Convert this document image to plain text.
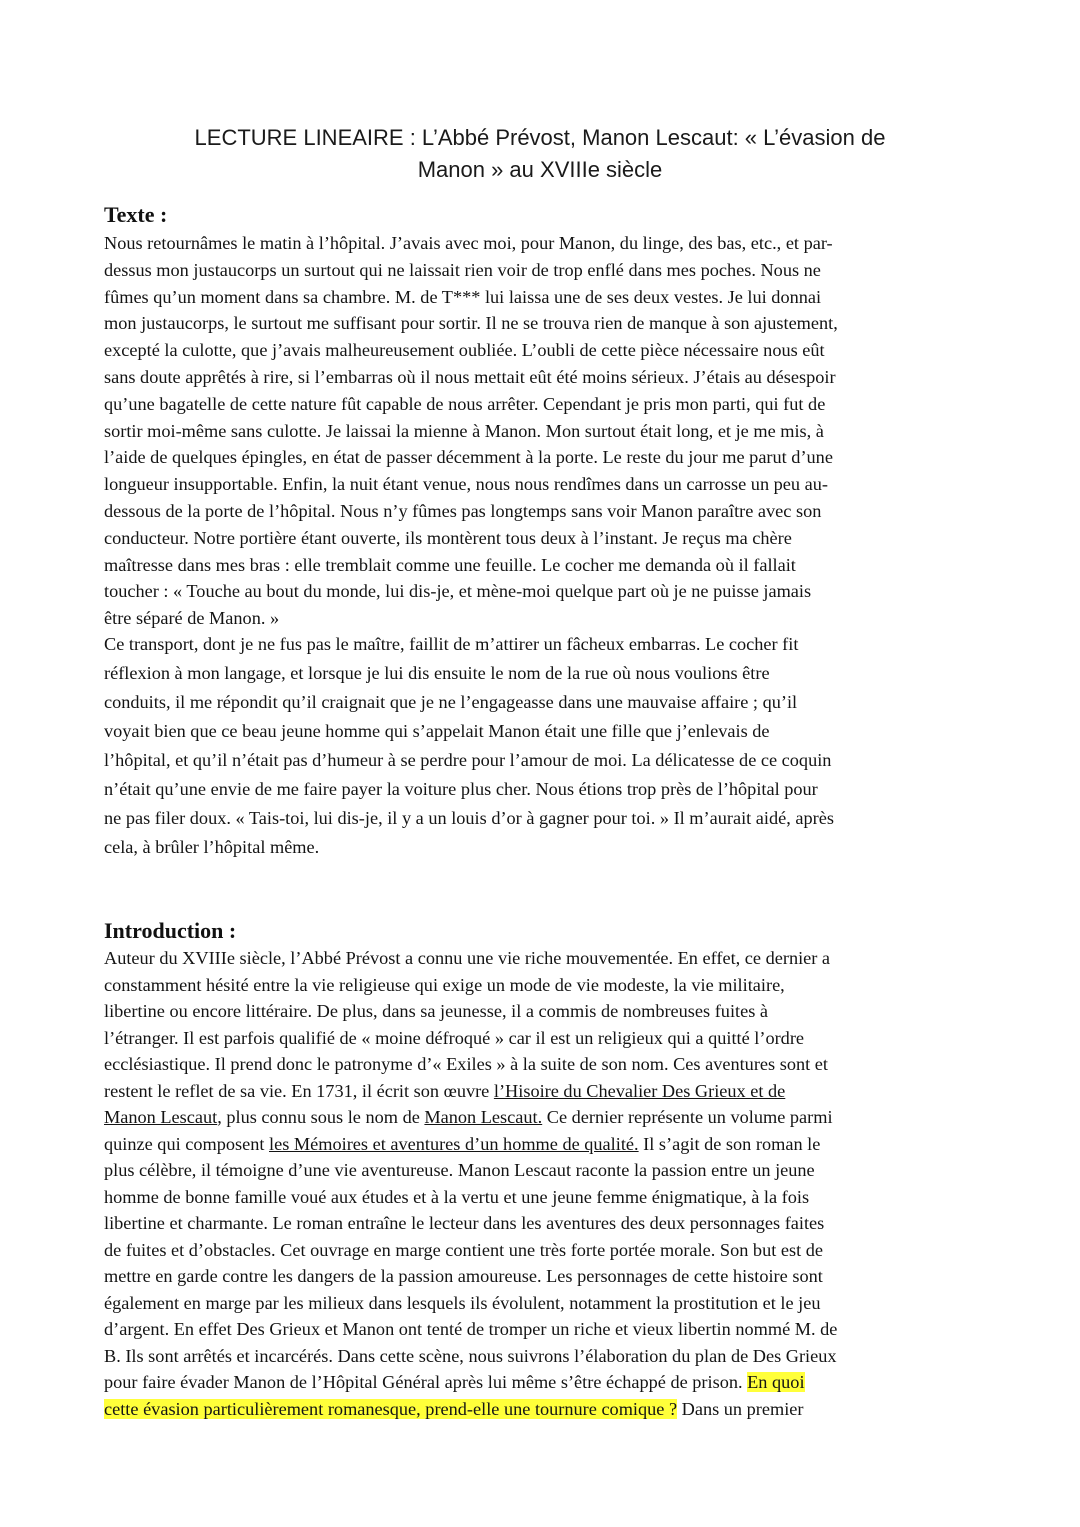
LECTURE LINEAIRE : L’Abbé Prévost, Manon Lescaut: « L’évasion de
Manon » au XVIIIe siècle
Texte :

Nous retournâmes le matin à l’hôpital. J’avais avec moi, pour Manon, du linge, des bas, etc., et par-
dessus mon justaucorps un surtout qui ne laissait rien voir de trop enflé dans mes poches. Nous ne
fûmes qu’un moment dans sa chambre. M. de T*** lui laissa une de ses deux vestes. Je lui donnai
mon justaucorps, le surtout me suffisant pour sortir. Il ne se trouva rien de manque à son ajustement,
excepté la culotte, que j’avais malheureusement oubliée. L’oubli de cette pièce nécessaire nous eût
sans doute apprêtés à rire, si l’embarras où il nous mettait eût été moins sérieux. J’étais au désespoir
qu’une bagatelle de cette nature fût capable de nous arrêter. Cependant je pris mon parti, qui fut de
sortir moi-même sans culotte. Je laissai la mienne à Manon. Mon surtout était long, et je me mis, à
l’aide de quelques épingles, en état de passer décemment à la porte. Le reste du jour me parut d’une
longueur insupportable. Enfin, la nuit étant venue, nous nous rendîmes dans un carrosse un peu au-
dessous de la porte de l’hôpital. Nous n’y fûmes pas longtemps sans voir Manon paraître avec son
conducteur. Notre portière étant ouverte, ils montèrent tous deux à l’instant. Je reçus ma chère
maîtresse dans mes bras : elle tremblait comme une feuille. Le cocher me demanda où il fallait
toucher : « Touche au bout du monde, lui dis-je, et mène-moi quelque part où je ne puisse jamais
être séparé de Manon. »

Ce transport, dont je ne fus pas le maître, faillit de m’attirer un fâcheux embarras. Le cocher fit
réflexion à mon langage, et lorsque je lui dis ensuite le nom de la rue où nous voulions être
conduits, il me répondit qu’il craignait que je ne l’engageasse dans une mauvaise affaire ; qu’il
voyait bien que ce beau jeune homme qui s’appelait Manon était une fille que j’enlevais de
l’hôpital, et qu’il n’était pas d’humeur à se perdre pour l’amour de moi. La délicatesse de ce coquin
n’était qu’une envie de me faire payer la voiture plus cher. Nous étions trop près de l’hôpital pour
ne pas filer doux. « Tais-toi, lui dis-je, il y a un louis d’or à gagner pour toi. » Il m’aurait aidé, après
cela, à brûler l’hôpital même.

Introduction :

Auteur du XVIIIe siècle, l’Abbé Prévost a connu une vie riche mouvementée. En effet, ce dernier a
constamment hésité entre la vie religieuse qui exige un mode de vie modeste, la vie militaire,
libertine ou encore littéraire. De plus, dans sa jeunesse, il a commis de nombreuses fuites à
l’étranger. Il est parfois qualifié de « moine défroqué » car il est un religieux qui a quitté l’ordre
ecclésiastique. Il prend donc le patronyme d’« Exiles » à la suite de son nom. Ces aventures sont et
restent le reflet de sa vie. En 1731, il écrit son œuvre l’Hisoire du Chevalier Des Grieux et de
Manon Lescaut, plus connu sous le nom de Manon Lescaut. Ce dernier représente un volume parmi
quinze qui composent les Mémoires et aventures d’un homme de qualité. Il s’agit de son roman le
plus célèbre, il témoigne d’une vie aventureuse. Manon Lescaut raconte la passion entre un jeune
homme de bonne famille voué aux études et à la vertu et une jeune femme énigmatique, à la fois
libertine et charmante. Le roman entraîne le lecteur dans les aventures des deux personnages faites
de fuites et d’obstacles. Cet ouvrage en marge contient une très forte portée morale. Son but est de
mettre en garde contre les dangers de la passion amoureuse. Les personnages de cette histoire sont
également en marge par les milieux dans lesquels ils évolulent, notamment la prostitution et le jeu
d’argent. En effet Des Grieux et Manon ont tenté de tromper un riche et vieux libertin nommé M. de
B. Ils sont arrêtés et incarcérés. Dans cette scène, nous suivrons l’élaboration du plan de Des Grieux
pour faire évader Manon de l’Hôpital Général après lui même s’être échappé de prison. En quoi
cette évasion particulièrement romanesque, prend-elle une tournure comique ? Dans un premier
